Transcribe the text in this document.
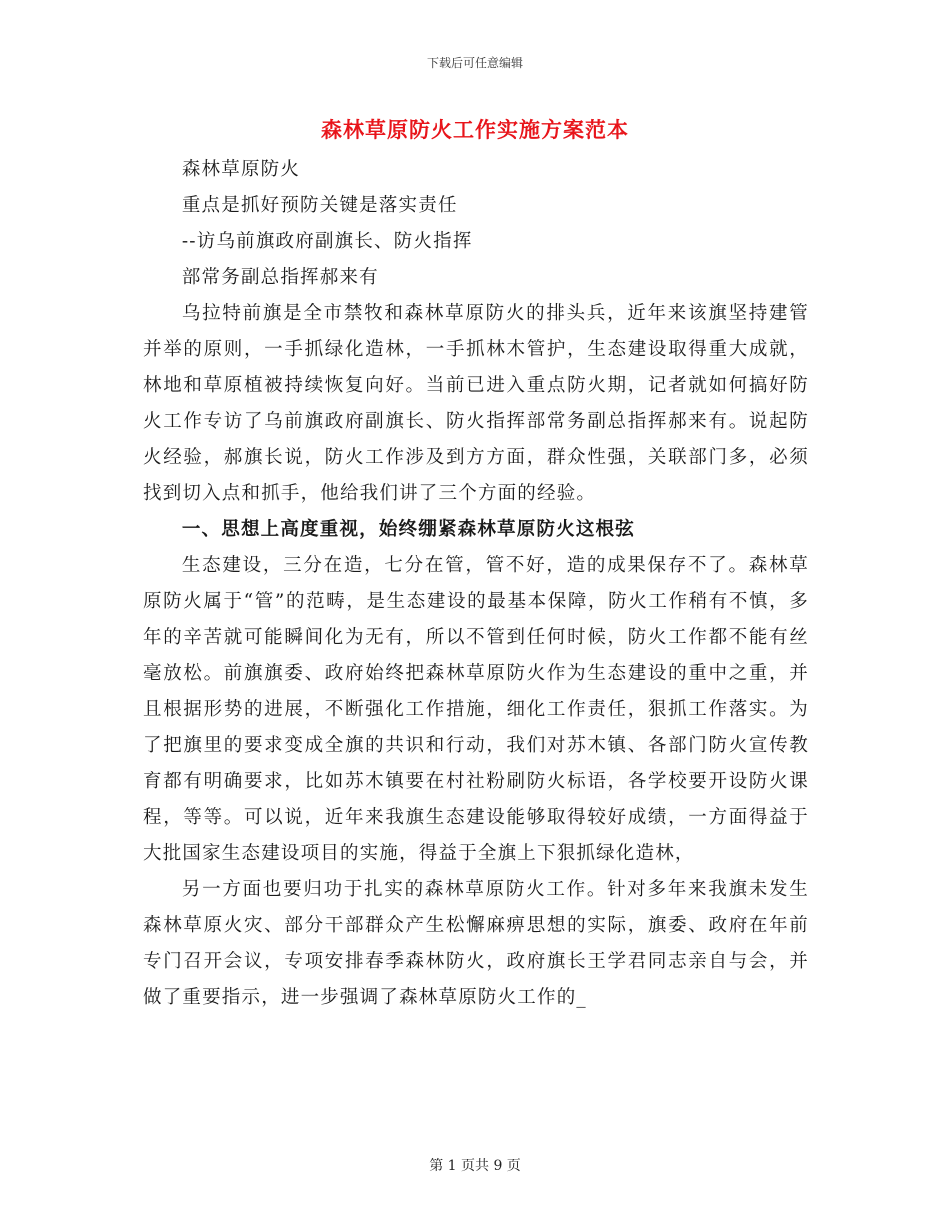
下载后可任意编辑
森林草原防火工作实施方案范本

森林草原防火

重点是抓好预防关键是落实责任

--访乌前旗政府副旗长、防火指挥

部常务副总指挥郝来有

乌拉特前旗是全市禁牧和森林草原防火的排头兵，近年来该旗坚持建管并举的原则，一手抓绿化造林，一手抓林木管护，生态建设取得重大成就，林地和草原植被持续恢复向好。当前已进入重点防火期，记者就如何搞好防火工作专访了乌前旗政府副旗长、防火指挥部常务副总指挥郝来有。说起防火经验，郝旗长说，防火工作涉及到方方面，群众性强，关联部门多，必须找到切入点和抓手，他给我们讲了三个方面的经验。

一、思想上高度重视，始终绷紧森林草原防火这根弦

生态建设，三分在造，七分在管，管不好，造的成果保存不了。森林草原防火属于“管”的范畴，是生态建设的最基本保障，防火工作稍有不慎，多年的辛苦就可能瞬间化为无有，所以不管到任何时候，防火工作都不能有丝毫放松。前旗旗委、政府始终把森林草原防火作为生态建设的重中之重，并且根据形势的进展，不断强化工作措施，细化工作责任，狠抓工作落实。为了把旗里的要求变成全旗的共识和行动，我们对苏木镇、各部门防火宣传教育都有明确要求，比如苏木镇要在村社粉刷防火标语，各学校要开设防火课程，等等。可以说，近年来我旗生态建设能够取得较好成绩，一方面得益于大批国家生态建设项目的实施，得益于全旗上下狠抓绿化造林，

另一方面也要归功于扎实的森林草原防火工作。针对多年来我旗未发生森林草原火灾、部分干部群众产生松懈麻痹思想的实际，旗委、政府在年前专门召开会议，专项安排春季森林防火，政府旗长王学君同志亲自与会，并做了重要指示，进一步强调了森林草原防火工作的_

第 1 页共 9 页
